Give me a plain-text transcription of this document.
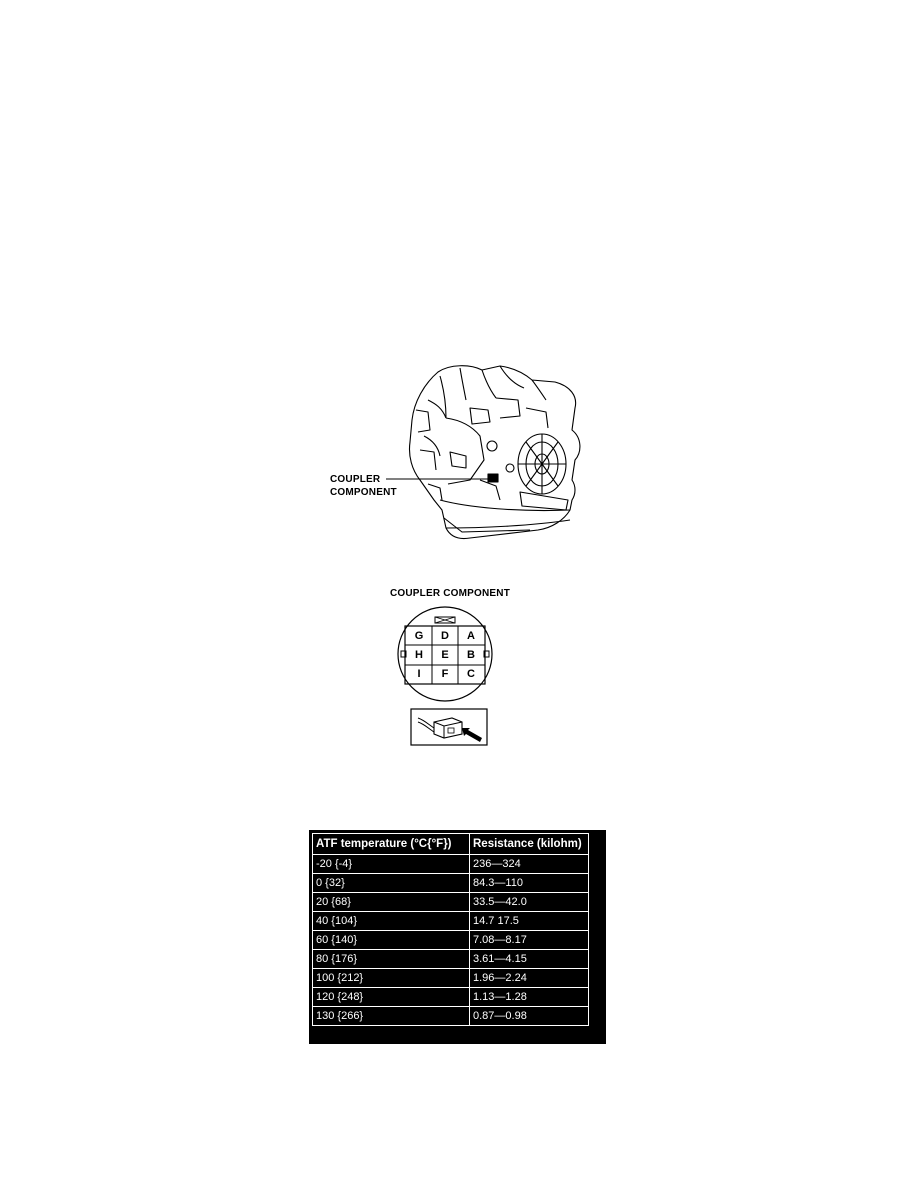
COUPLER
COMPONENT
COUPLER COMPONENT
G	D	A
H	E	B
I	F	C
ATF temperature (°C{°F})	Resistance (kilohm)
-20 {-4}	236—324
0 {32}	84.3—110
20 {68}	33.5—42.0
40 {104}	14.7 17.5
60 {140}	7.08—8.17
80 {176}	3.61—4.15
100 {212}	1.96—2.24
120 {248}	1.13—1.28
130 {266}	0.87—0.98
